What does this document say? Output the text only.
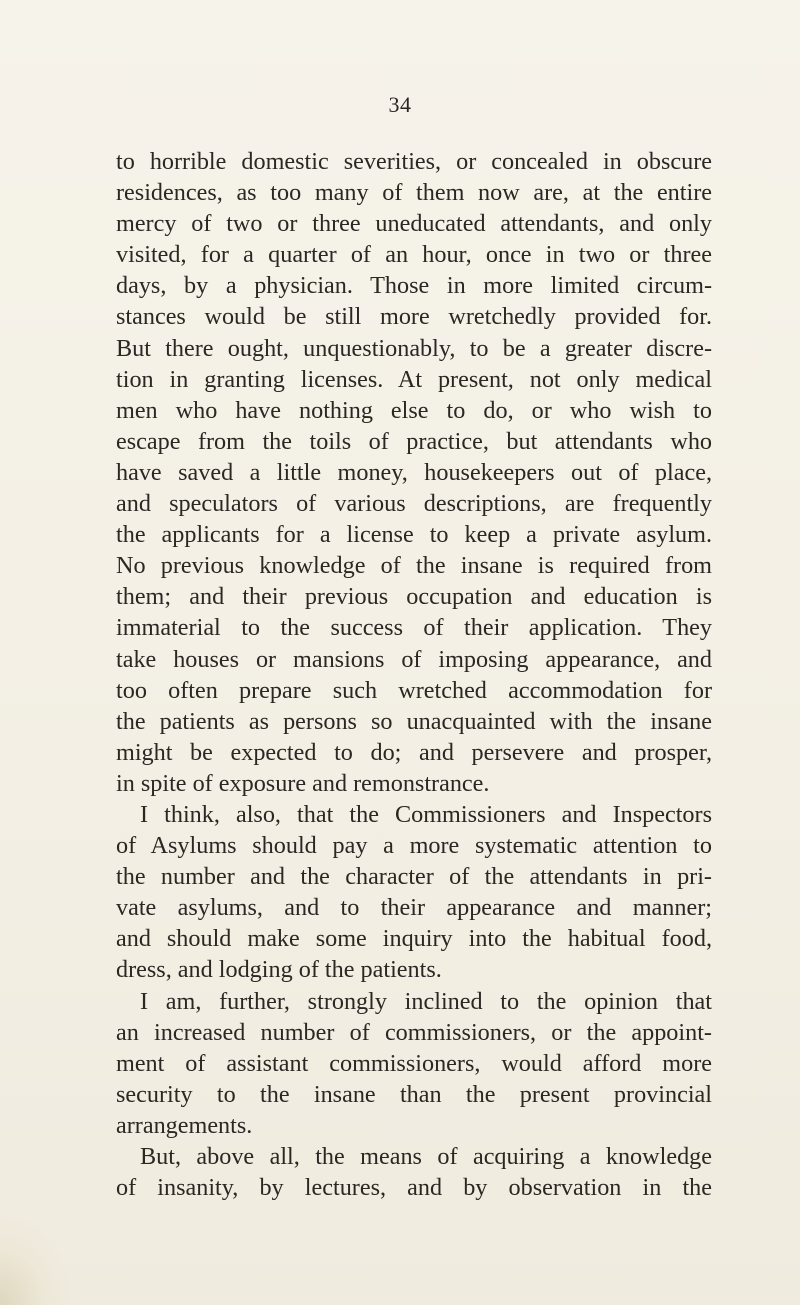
34
to horrible domestic severities, or concealed in obscure
residences, as too many of them now are, at the entire
mercy of two or three uneducated attendants, and only
visited, for a quarter of an hour, once in two or three
days, by a physician. Those in more limited circum-
stances would be still more wretchedly provided for.
But there ought, unquestionably, to be a greater discre-
tion in granting licenses. At present, not only medical
men who have nothing else to do, or who wish to
escape from the toils of practice, but attendants who
have saved a little money, housekeepers out of place,
and speculators of various descriptions, are frequently
the applicants for a license to keep a private asylum.
No previous knowledge of the insane is required from
them; and their previous occupation and education is
immaterial to the success of their application. They
take houses or mansions of imposing appearance, and
too often prepare such wretched accommodation for
the patients as persons so unacquainted with the insane
might be expected to do; and persevere and prosper,
in spite of exposure and remonstrance.
I think, also, that the Commissioners and Inspectors
of Asylums should pay a more systematic attention to
the number and the character of the attendants in pri-
vate asylums, and to their appearance and manner;
and should make some inquiry into the habitual food,
dress, and lodging of the patients.
I am, further, strongly inclined to the opinion that
an increased number of commissioners, or the appoint-
ment of assistant commissioners, would afford more
security to the insane than the present provincial
arrangements.
But, above all, the means of acquiring a knowledge
of insanity, by lectures, and by observation in the
